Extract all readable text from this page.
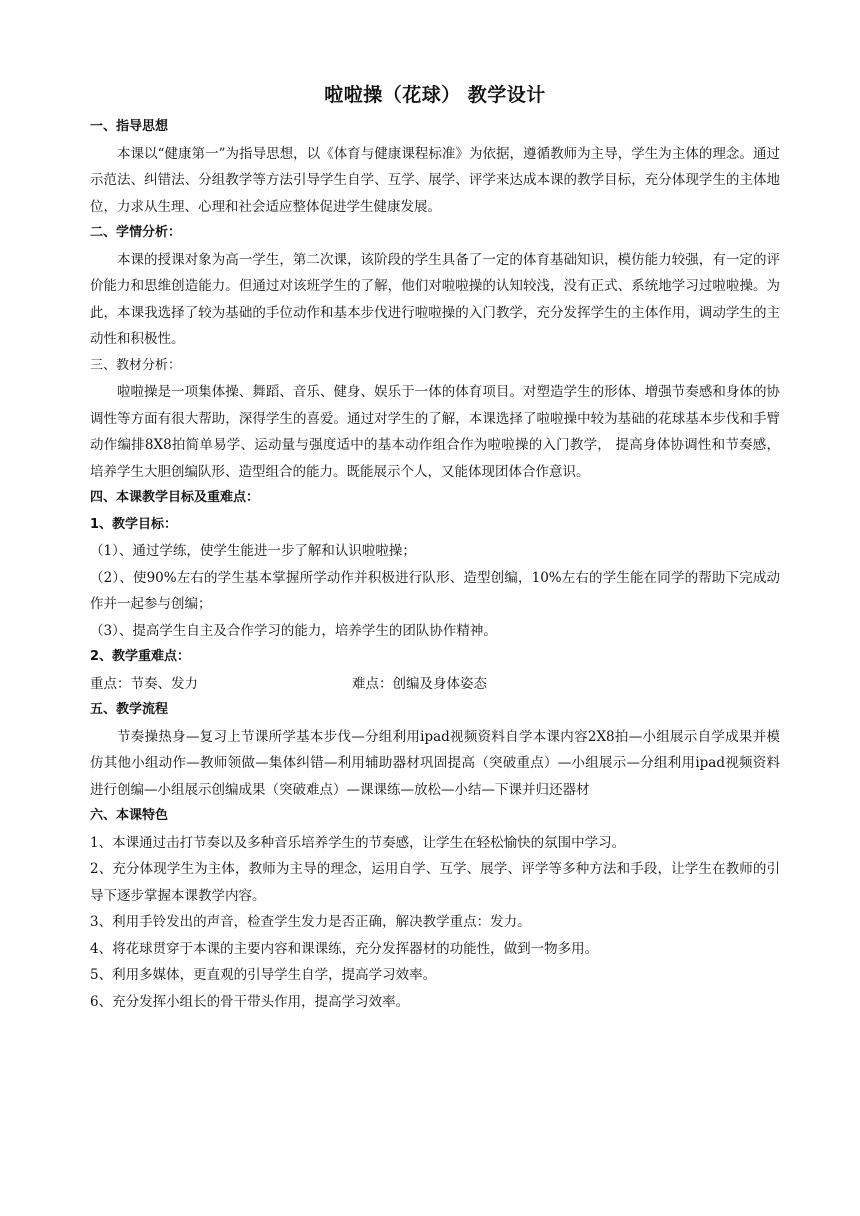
啦啦操（花球） 教学设计
一、指导思想

本课以“健康第一”为指导思想，以《体育与健康课程标准》为依据，遵循教师为主导，学生为主体的理念。通过示范法、纠错法、分组教学等方法引导学生自学、互学、展学、评学来达成本课的教学目标，充分体现学生的主体地位，力求从生理、心理和社会适应整体促进学生健康发展。

二、学情分析：

本课的授课对象为高一学生，第二次课，该阶段的学生具备了一定的体育基础知识，模仿能力较强，有一定的评价能力和思维创造能力。但通过对该班学生的了解，他们对啦啦操的认知较浅，没有正式、系统地学习过啦啦操。为此，本课我选择了较为基础的手位动作和基本步伐进行啦啦操的入门教学，充分发挥学生的主体作用，调动学生的主动性和积极性。

三、教材分析：

啦啦操是一项集体操、舞蹈、音乐、健身、娱乐于一体的体育项目。对塑造学生的形体、增强节奏感和身体的协调性等方面有很大帮助，深得学生的喜爱。通过对学生的了解，本课选择了啦啦操中较为基础的花球基本步伐和手臂动作编排8X8拍简单易学、运动量与强度适中的基本动作组合作为啦啦操的入门教学， 提高身体协调性和节奏感，培养学生大胆创编队形、造型组合的能力。既能展示个人，又能体现团体合作意识。

四、本课教学目标及重难点：
1、教学目标：

（1）、通过学练，使学生能进一步了解和认识啦啦操；

（2）、使90%左右的学生基本掌握所学动作并积极进行队形、造型创编，10%左右的学生能在同学的帮助下完成动作并一起参与创编；

（3）、提高学生自主及合作学习的能力，培养学生的团队协作精神。

2、教学重难点：
重点：节奏、发力	难点：创编及身体姿态
五、教学流程

节奏操热身—复习上节课所学基本步伐—分组利用ipad视频资料自学本课内容2X8拍—小组展示自学成果并模仿其他小组动作—教师领做—集体纠错—利用辅助器材巩固提高（突破重点）—小组展示—分组利用ipad视频资料进行创编—小组展示创编成果（突破难点）—课课练—放松—小结—下课并归还器材

六、本课特色

1、本课通过击打节奏以及多种音乐培养学生的节奏感，让学生在轻松愉快的氛围中学习。

2、充分体现学生为主体，教师为主导的理念，运用自学、互学、展学、评学等多种方法和手段，让学生在教师的引导下逐步掌握本课教学内容。

3、利用手铃发出的声音，检查学生发力是否正确，解决教学重点：发力。

4、将花球贯穿于本课的主要内容和课课练，充分发挥器材的功能性，做到一物多用。

5、利用多媒体，更直观的引导学生自学，提高学习效率。

6、充分发挥小组长的骨干带头作用，提高学习效率。
